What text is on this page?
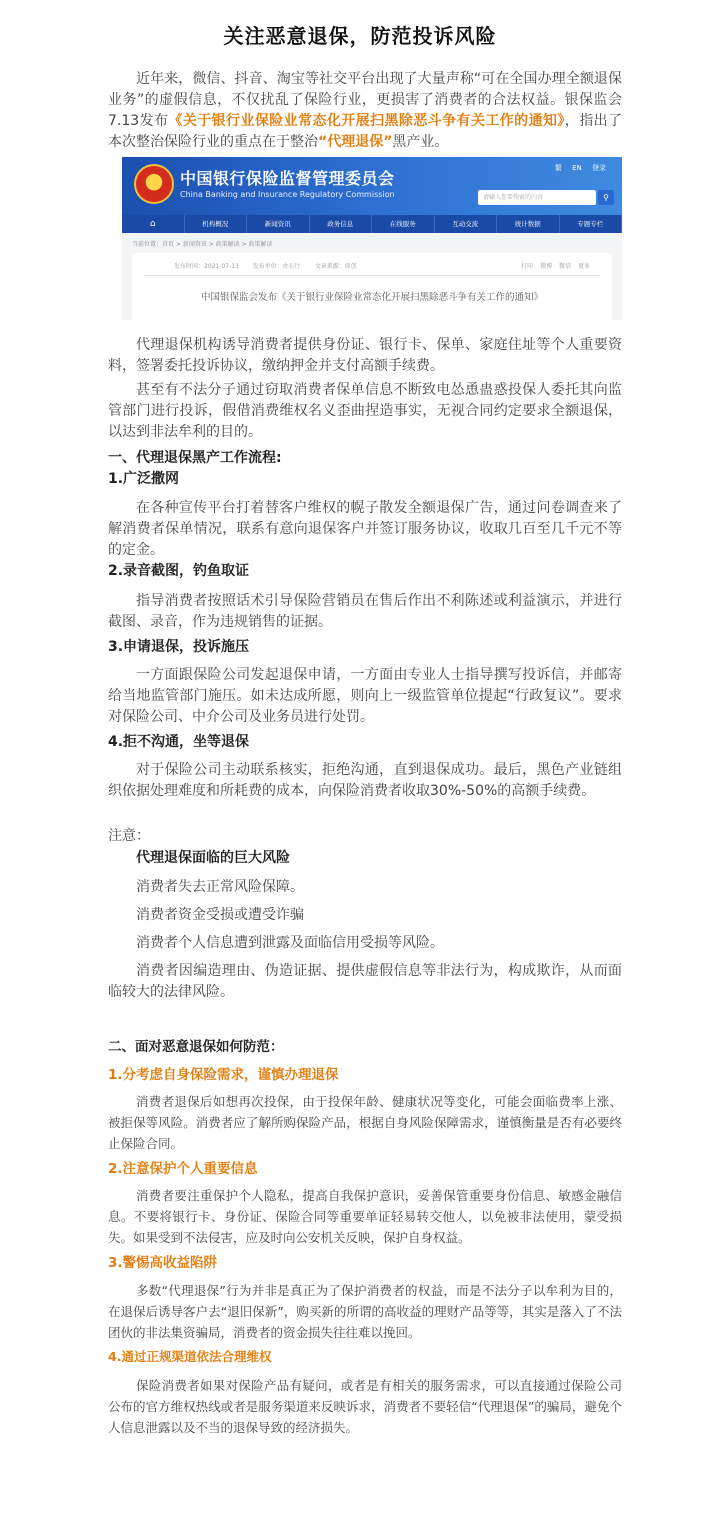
关注恶意退保，防范投诉风险

近年来，微信、抖音、淘宝等社交平台出现了大量声称“可在全国办理全额退保业务”的虚假信息，不仅扰乱了保险行业，更损害了消费者的合法权益。银保监会7.13发布《关于银行业保险业常态化开展扫黑除恶斗争有关工作的通知》，指出了本次整治保险行业的重点在于整治“代理退保”黑产业。

★ 中国银行保险监督管理委员会
China Banking and Insurance Regulatory Commission
繁 EN 登录
请输入您要搜索的内容	⚲
⌂	机构概况	新闻资讯	政务信息	在线服务	互动交流	统计数据	专题专栏
当前位置：首页 > 新闻资讯 > 政策解读 > 政策解读
发布时间：2021-07-13 发布单位：办公厅 文章来源：原创	打印 微博 微信 更多
中国银保监会发布《关于银行业保险业常态化开展扫黑除恶斗争有关工作的通知》

代理退保机构诱导消费者提供身份证、银行卡、保单、家庭住址等个人重要资料，签署委托投诉协议，缴纳押金并支付高额手续费。

甚至有不法分子通过窃取消费者保单信息不断致电怂恿蛊惑投保人委托其向监管部门进行投诉，假借消费维权名义歪曲捏造事实，无视合同约定要求全额退保，以达到非法牟利的目的。

一、代理退保黑产工作流程:

1.广泛撒网

在各种宣传平台打着替客户维权的幌子散发全额退保广告，通过问卷调查来了解消费者保单情况，联系有意向退保客户并签订服务协议，收取几百至几千元不等的定金。

2.录音截图，钓鱼取证

指导消费者按照话术引导保险营销员在售后作出不利陈述或利益演示，并进行截图、录音，作为违规销售的证据。

3.申请退保，投诉施压

一方面跟保险公司发起退保申请，一方面由专业人士指导撰写投诉信，并邮寄给当地监管部门施压。如未达成所愿，则向上一级监管单位提起“行政复议”。要求对保险公司、中介公司及业务员进行处罚。

4.拒不沟通，坐等退保

对于保险公司主动联系核实，拒绝沟通，直到退保成功。最后，黑色产业链组织依据处理难度和所耗费的成本，向保险消费者收取30%-50%的高额手续费。

注意：

代理退保面临的巨大风险

消费者失去正常风险保障。

消费者资金受损或遭受诈骗

消费者个人信息遭到泄露及面临信用受损等风险。

消费者因编造理由、伪造证据、提供虚假信息等非法行为，构成欺诈，从而面临较大的法律风险。

二、面对恶意退保如何防范：

1.分考虑自身保险需求，谨慎办理退保

消费者退保后如想再次投保，由于投保年龄、健康状况等变化，可能会面临费率上涨、被拒保等风险。消费者应了解所购保险产品，根据自身风险保障需求，谨慎衡量是否有必要终止保险合同。

2.注意保护个人重要信息

消费者要注重保护个人隐私，提高自我保护意识，妥善保管重要身份信息、敏感金融信息。不要将银行卡、身份证、保险合同等重要单证轻易转交他人，以免被非法使用，蒙受损失。如果受到不法侵害，应及时向公安机关反映，保护自身权益。

3.警惕高收益陷阱

多数“代理退保”行为并非是真正为了保护消费者的权益，而是不法分子以牟利为目的，在退保后诱导客户去“退旧保新”，购买新的所谓的高收益的理财产品等等，其实是落入了不法团伙的非法集资骗局，消费者的资金损失往往难以挽回。

4.通过正规渠道依法合理维权

保险消费者如果对保险产品有疑问，或者是有相关的服务需求，可以直接通过保险公司公布的官方维权热线或者是服务渠道来反映诉求，消费者不要轻信“代理退保”的骗局，避免个人信息泄露以及不当的退保导致的经济损失。
